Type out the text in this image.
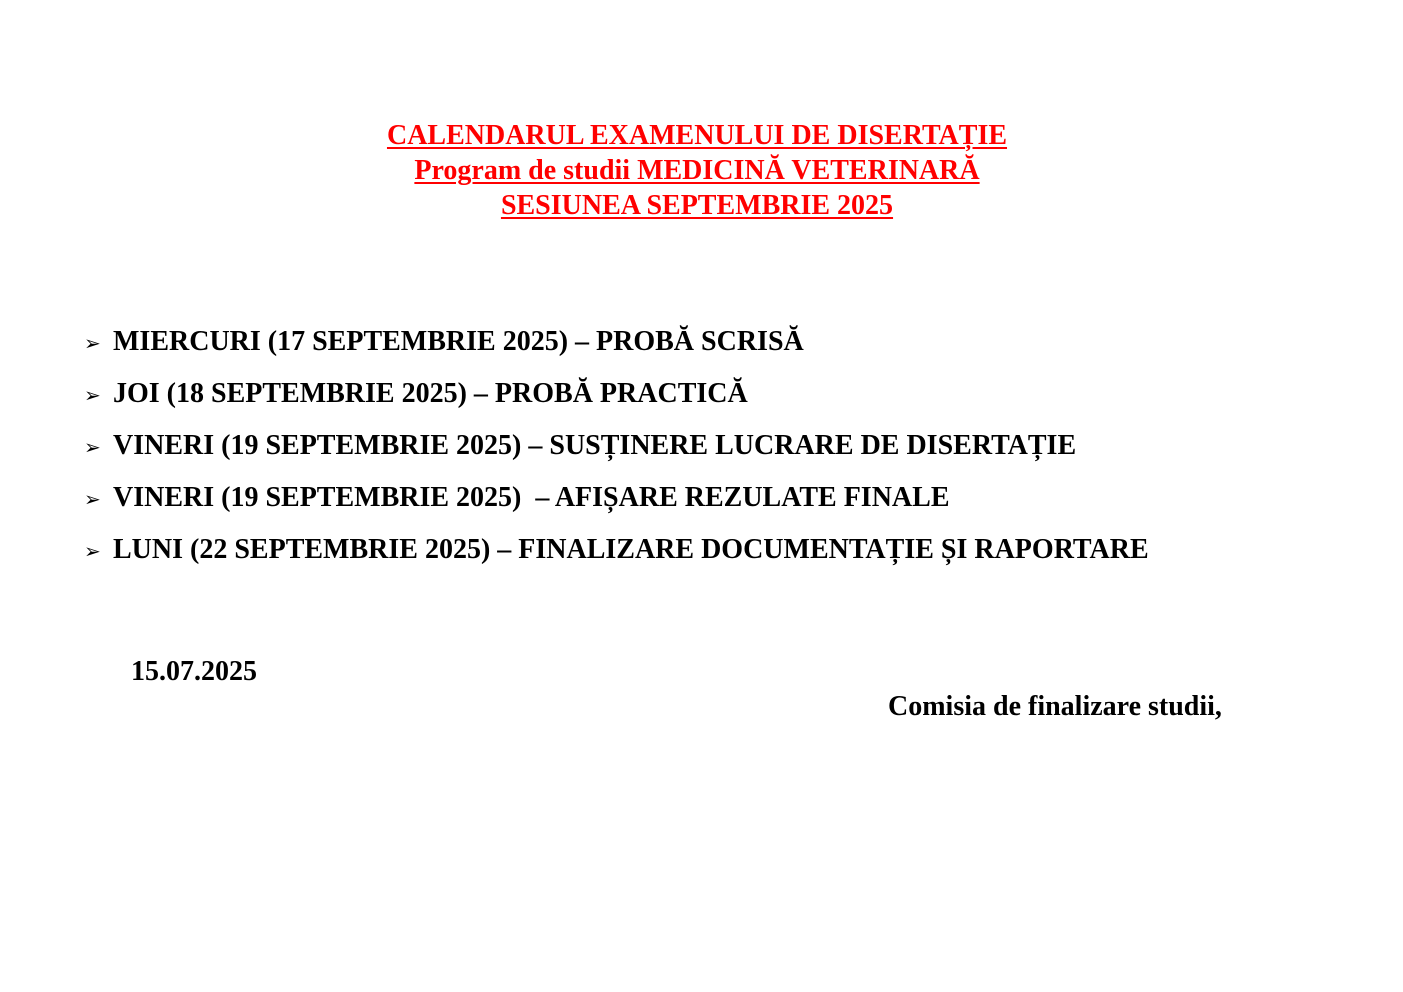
CALENDARUL EXAMENULUI DE DISERTAȚIE
Program de studii MEDICINĂ VETERINARĂ
SESIUNEA SEPTEMBRIE 2025
➢ MIERCURI (17 SEPTEMBRIE 2025) – PROBĂ SCRISĂ
➢ JOI (18 SEPTEMBRIE 2025) – PROBĂ PRACTICĂ
➢ VINERI (19 SEPTEMBRIE 2025) – SUSȚINERE LUCRARE DE DISERTAȚIE
➢ VINERI (19 SEPTEMBRIE 2025)  – AFIȘARE REZULATE FINALE
➢ LUNI (22 SEPTEMBRIE 2025) – FINALIZARE DOCUMENTAȚIE ȘI RAPORTARE
15.07.2025
Comisia de finalizare studii,
